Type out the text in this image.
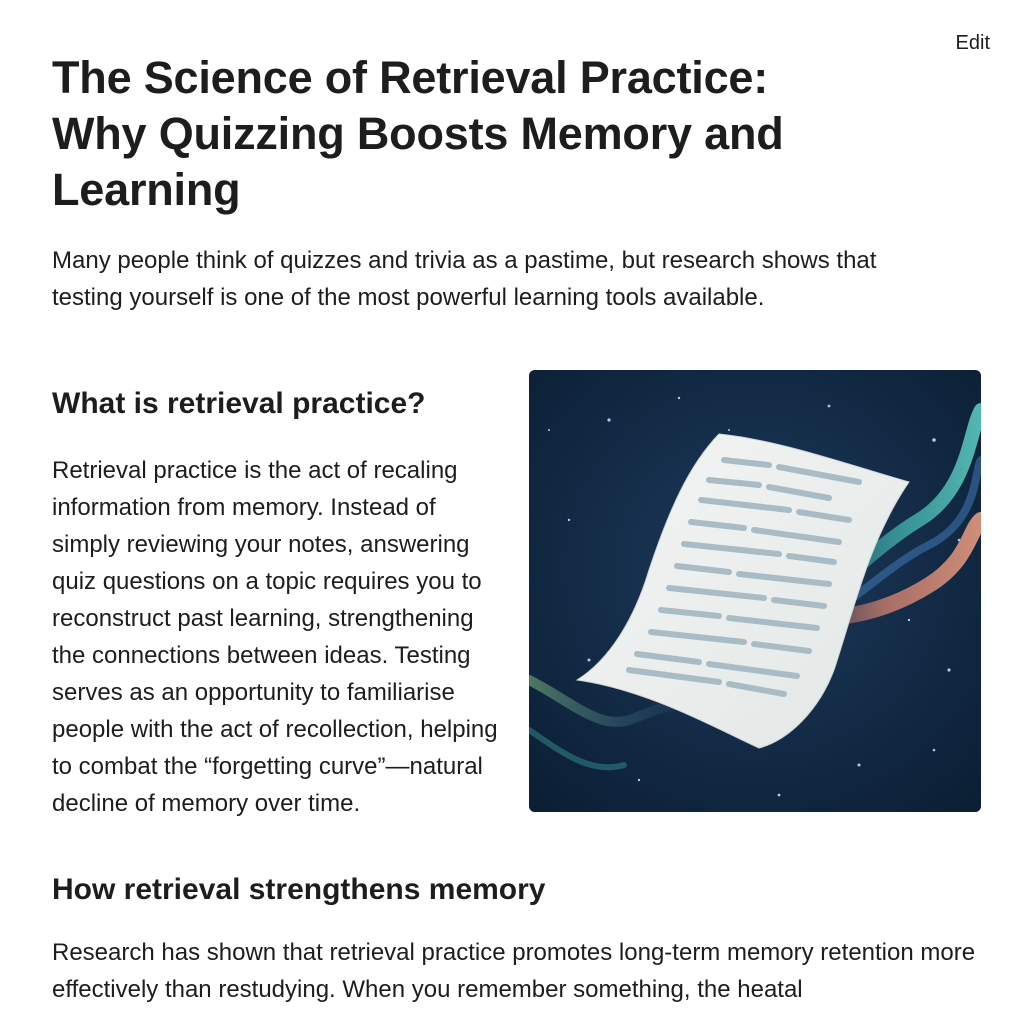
Edit
The Science of Retrieval Practice: Why Quizzing Boosts Memory and Learning

Many people think of quizzes and trivia as a pastime, but research shows that testing yourself is one of the most powerful learning tools available.

What is retrieval practice?

Retrieval practice is the act of recaling information from memory. Instead of simply reviewing your notes, answering quiz questions on a topic requires you to reconstruct past learning, strengthening the connections between ideas. Testing serves as an opportunity to familiarise people with the act of recollection, helping to combat the “forgetting curve”—natural decline of memory over time.

How retrieval strengthens memory

Research has shown that retrieval practice promotes long-term memory retention more effectively than restudying. When you remember something, the heatal
